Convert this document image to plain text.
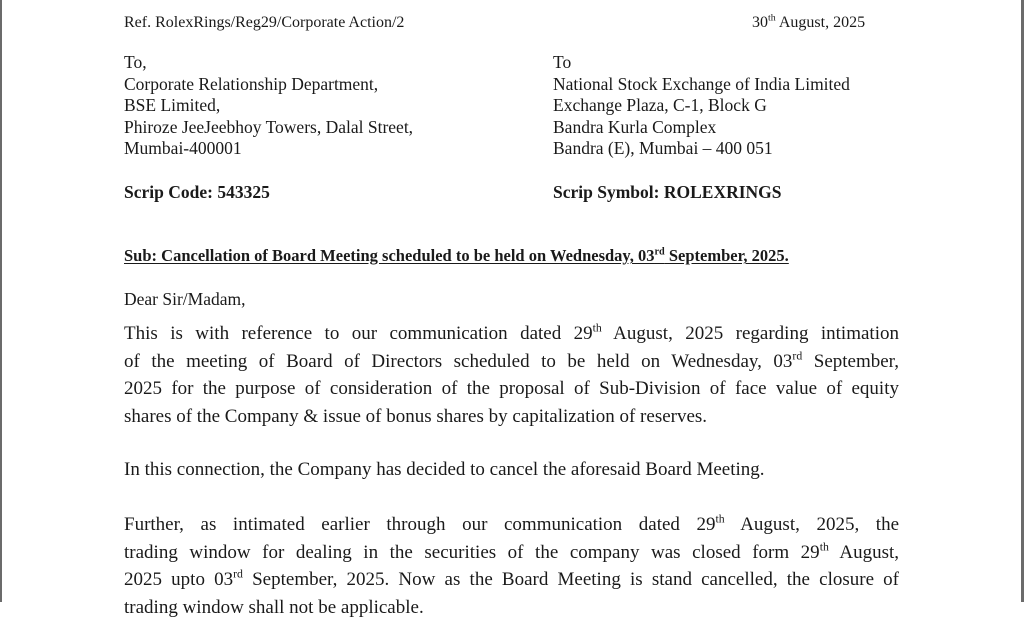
Ref. RolexRings/Reg29/Corporate Action/2	30th August, 2025
To,
Corporate Relationship Department,
BSE Limited,
Phiroze JeeJeebhoy Towers, Dalal Street,
Mumbai-400001
To
National Stock Exchange of India Limited
Exchange Plaza, C-1, Block G
Bandra Kurla Complex
Bandra (E), Mumbai – 400 051
Scrip Code: 543325	Scrip Symbol: ROLEXRINGS
Sub: Cancellation of Board Meeting scheduled to be held on Wednesday, 03rd September, 2025.
Dear Sir/Madam,
This is with reference to our communication dated 29th August, 2025 regarding intimation
of the meeting of Board of Directors scheduled to be held on Wednesday, 03rd September,
2025 for the purpose of consideration of the proposal of Sub-Division of face value of equity
shares of the Company & issue of bonus shares by capitalization of reserves.
In this connection, the Company has decided to cancel the aforesaid Board Meeting.
Further, as intimated earlier through our communication dated 29th August, 2025, the
trading window for dealing in the securities of the company was closed form 29th August,
2025 upto 03rd September, 2025. Now as the Board Meeting is stand cancelled, the closure of
trading window shall not be applicable.
